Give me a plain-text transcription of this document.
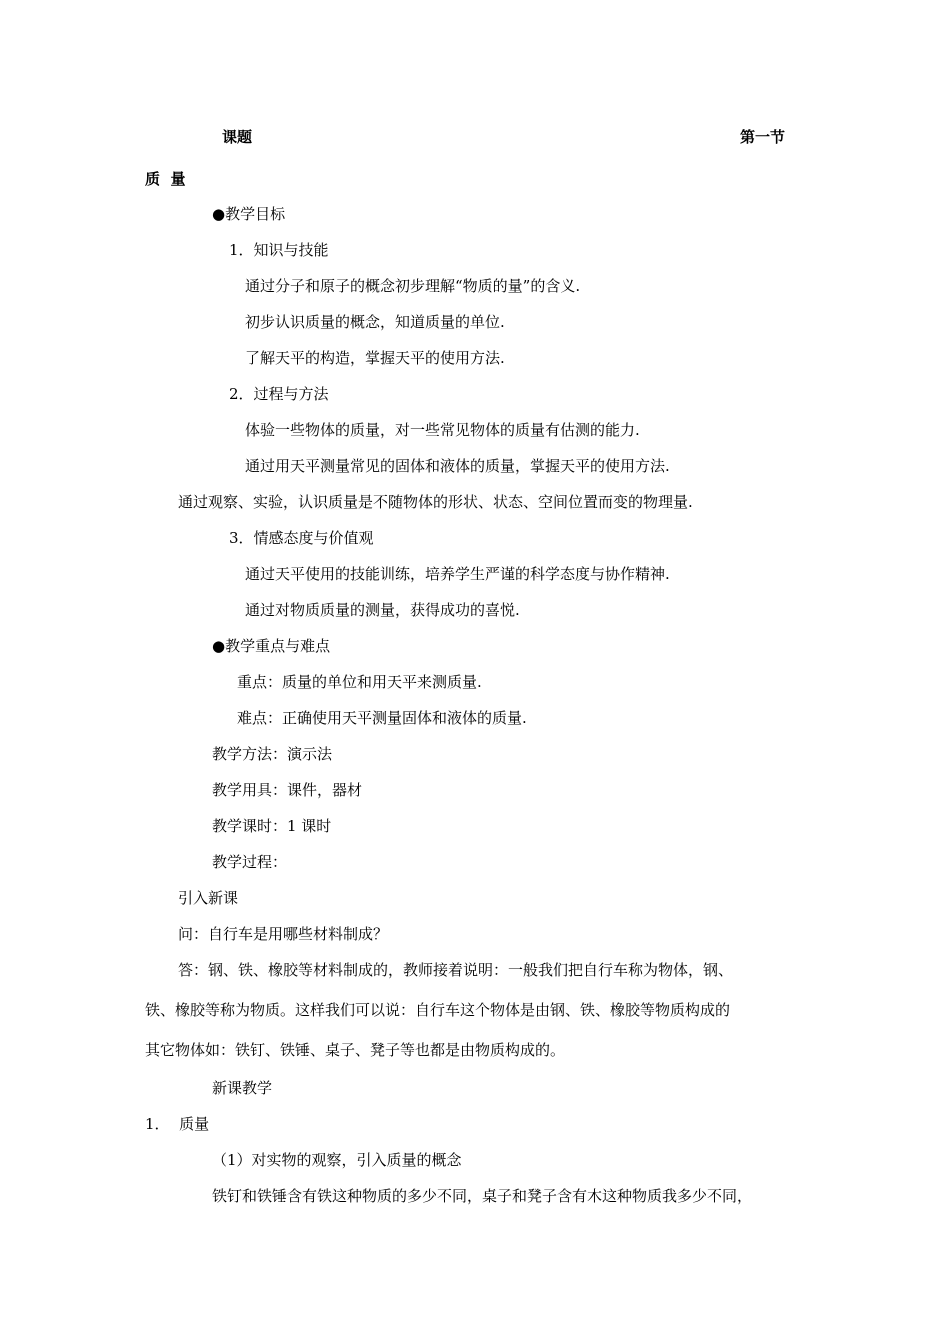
课题	第一节
质  量
●教学目标
1．知识与技能
通过分子和原子的概念初步理解“物质的量”的含义.
初步认识质量的概念，知道质量的单位.
了解天平的构造，掌握天平的使用方法.
2．过程与方法
体验一些物体的质量，对一些常见物体的质量有估测的能力.
通过用天平测量常见的固体和液体的质量，掌握天平的使用方法.
通过观察、实验，认识质量是不随物体的形状、状态、空间位置而变的物理量.
3．情感态度与价值观
通过天平使用的技能训练，培养学生严谨的科学态度与协作精神.
通过对物质质量的测量，获得成功的喜悦.
●教学重点与难点
重点：质量的单位和用天平来测质量.
难点：正确使用天平测量固体和液体的质量.
教学方法：演示法
教学用具：课件，器材
教学课时：1 课时
教学过程：
引入新课
问：自行车是用哪些材料制成？
答：钢、铁、橡胶等材料制成的，教师接着说明：一般我们把自行车称为物体，钢、
铁、橡胶等称为物质。这样我们可以说：自行车这个物体是由钢、铁、橡胶等物质构成的
其它物体如：铁钉、铁锤、桌子、凳子等也都是由物质构成的。
新课教学
1．  质量
（1）对实物的观察，引入质量的概念
铁钉和铁锤含有铁这种物质的多少不同，桌子和凳子含有木这种物质我多少不同，
